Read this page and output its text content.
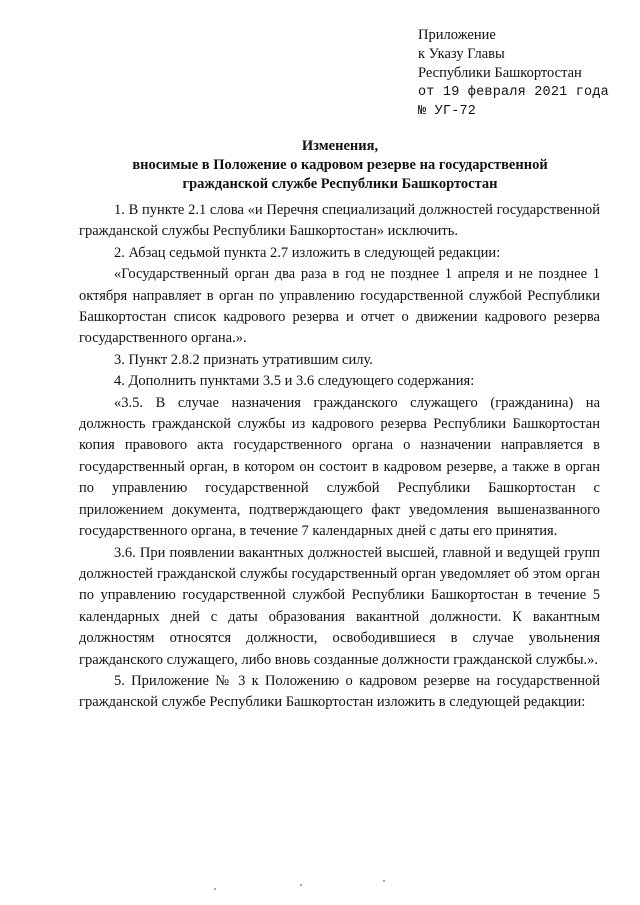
Приложение
к Указу Главы
Республики Башкортостан
от 19 февраля 2021 года
№ УГ-72
Изменения,
вносимые в Положение о кадровом резерве на государственной
гражданской службе Республики Башкортостан

1. В пункте 2.1 слова «и Перечня специализаций должностей государственной гражданской службы Республики Башкортостан» исключить.

2. Абзац седьмой пункта 2.7 изложить в следующей редакции:

«Государственный орган два раза в год не позднее 1 апреля и не позднее 1 октября направляет в орган по управлению государственной службой Республики Башкортостан список кадрового резерва и отчет о движении кадрового резерва государственного органа.».

3. Пункт 2.8.2 признать утратившим силу.

4. Дополнить пунктами 3.5 и 3.6 следующего содержания:

«3.5. В случае назначения гражданского служащего (гражданина) на должность гражданской службы из кадрового резерва Республики Башкортостан копия правового акта государственного органа о назначении направляется в государственный орган, в котором он состоит в кадровом резерве, а также в орган по управлению государственной службой Республики Башкортостан с приложением документа, подтверждающего факт уведомления вышеназванного государственного органа, в течение 7 календарных дней с даты его принятия.

3.6. При появлении вакантных должностей высшей, главной и ведущей групп должностей гражданской службы государственный орган уведомляет об этом орган по управлению государственной службой Республики Башкортостан в течение 5 календарных дней с даты образования вакантной должности. К вакантным должностям относятся должности, освободившиеся в случае увольнения гражданского служащего, либо вновь созданные должности гражданской службы.».

5. Приложение № 3 к Положению о кадровом резерве на государственной гражданской службе Республики Башкортостан изложить в следующей редакции:
